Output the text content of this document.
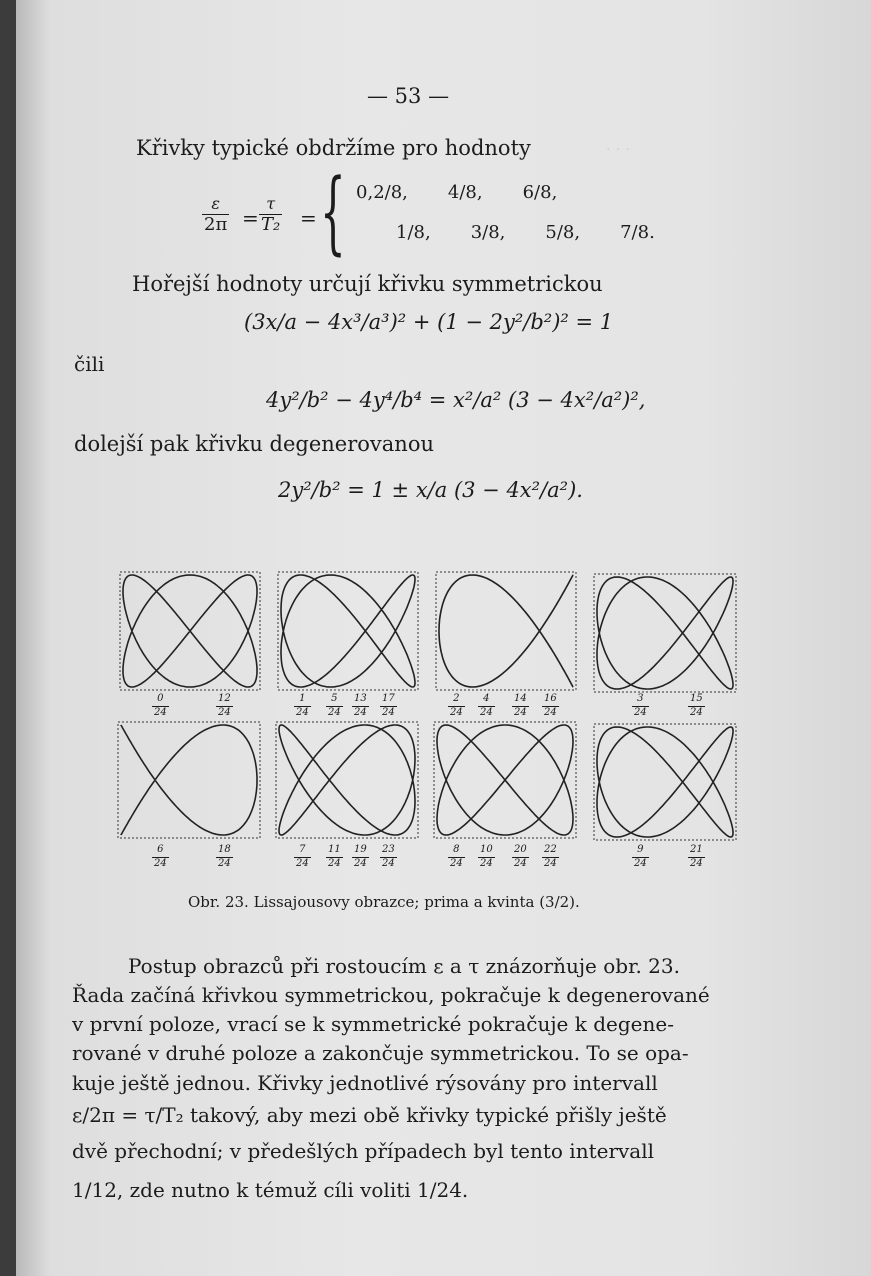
— 53 —
Křivky typické obdržíme pro hodnoty
ε
2π =
τ
T₂ = { 0,2/8, 4/8, 6/8,
1/8, 3/8, 5/8, 7/8.
Hořejší hodnoty určují křivku symmetrickou
(3x/a − 4x³/a³)² + (1 − 2y²/b²)² = 1
čili
4y²/b² − 4y⁴/b⁴ = x²/a² (3 − 4x²/a²)²,
dolejší pak křivku degenerovanou
2y²/b² = 1 ± x/a (3 − 4x²/a²).
· · ·
0
24
12
24
1
24
5
24
13
24
17
24
2
24
4
24
14
24
16
24
3
24
15
24
6
24
18
24
7
24
11
24
19
24
23
24
8
24
10
24
20
24
22
24
9
24
21
24
Obr. 23. Lissajousovy obrazce; prima a kvinta (3/2).
Postup obrazců při rostoucím ε a τ znázorňuje obr. 23.
Řada začíná křivkou symmetrickou, pokračuje k degenerované
v první poloze, vrací se k symmetrické pokračuje k degene-
rované v druhé poloze a zakončuje symmetrickou. To se opa-
kuje ještě jednou. Křivky jednotlivé rýsovány pro intervall
ε/2π = τ/T₂ takový, aby mezi obě křivky typické přišly ještě
dvě přechodní; v předešlých případech byl tento intervall
1/12, zde nutno k témuž cíli voliti 1/24.
